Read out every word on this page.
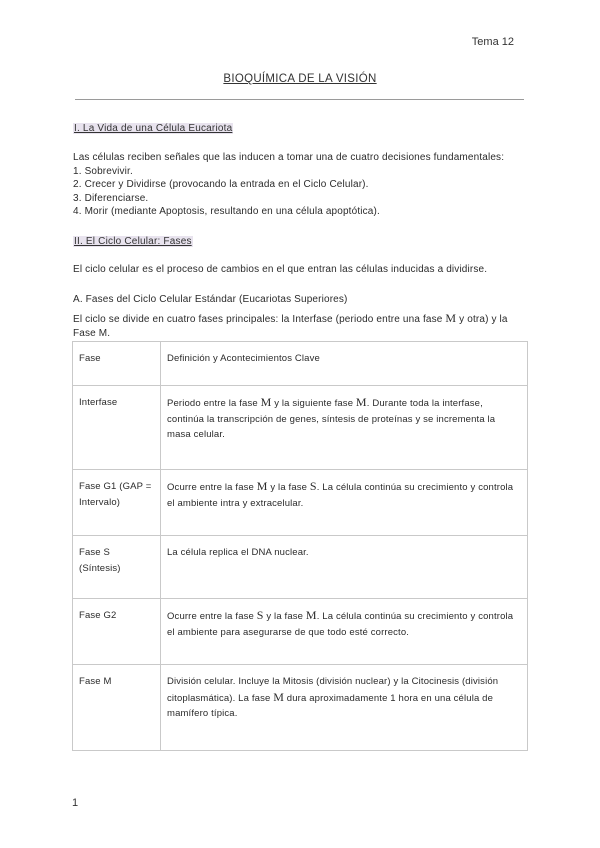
Tema 12
BIOQUÍMICA DE LA VISIÓN
I. La Vida de una Célula Eucariota
Las células reciben señales que las inducen a tomar una de cuatro decisiones fundamentales:
1. Sobrevivir.
2. Crecer y Dividirse (provocando la entrada en el Ciclo Celular).
3. Diferenciarse.
4. Morir (mediante Apoptosis, resultando en una célula apoptótica).
II. El Ciclo Celular: Fases
El ciclo celular es el proceso de cambios en el que entran las células inducidas a dividirse.
A. Fases del Ciclo Celular Estándar (Eucariotas Superiores)
El ciclo se divide en cuatro fases principales: la Interfase (periodo entre una fase M y otra) y la
Fase M.
Fase	Definición y Acontecimientos Clave
Interfase	Periodo entre la fase M y la siguiente fase M. Durante toda la interfase, continúa la transcripción de genes, síntesis de proteínas y se incrementa la masa celular.
Fase G1 (GAP = Intervalo)	Ocurre entre la fase M y la fase S. La célula continúa su crecimiento y controla el ambiente intra y extracelular.
Fase S (Síntesis)	La célula replica el DNA nuclear.
Fase G2	Ocurre entre la fase S y la fase M. La célula continúa su crecimiento y controla el ambiente para asegurarse de que todo esté correcto.
Fase M	División celular. Incluye la Mitosis (división nuclear) y la Citocinesis (división citoplasmática). La fase M dura aproximadamente 1 hora en una célula de mamífero típica.
1
